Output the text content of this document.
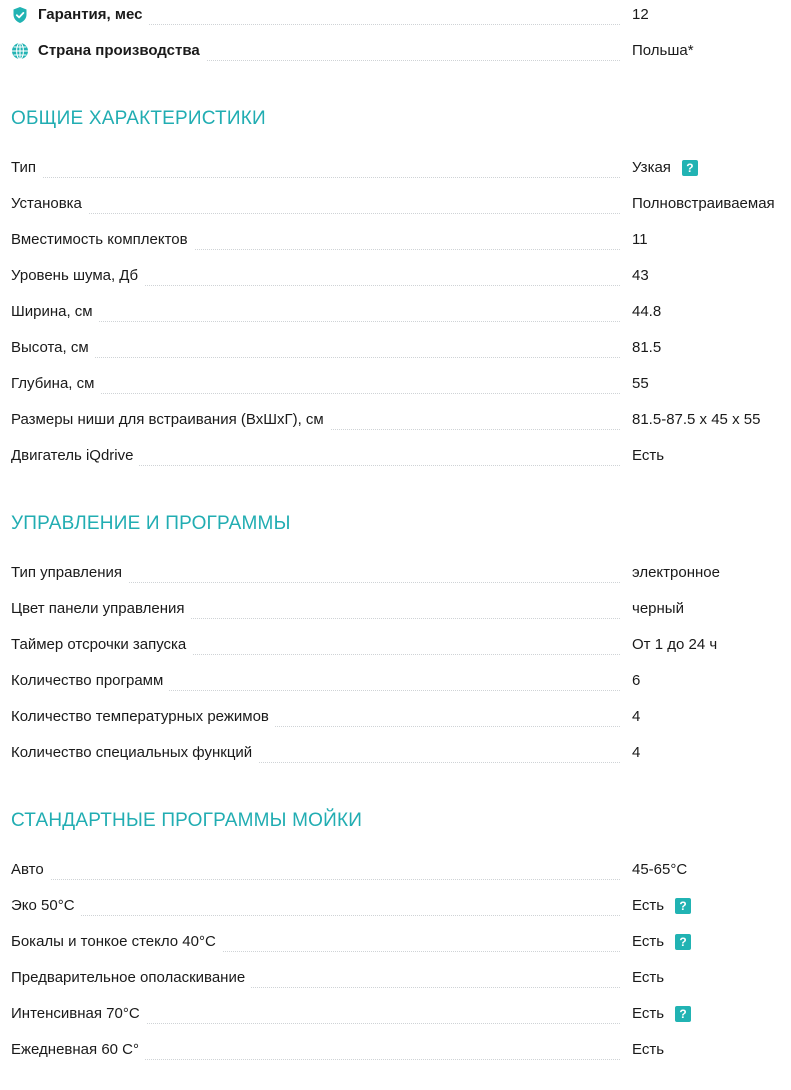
Гарантия, мес	12
Страна производства	Польша*
ОБЩИЕ ХАРАКТЕРИСТИКИ
Тип	Узкая	?
Установка	Полновстраиваемая
Вместимость комплектов	11
Уровень шума, Дб	43
Ширина, см	44.8
Высота, см	81.5
Глубина, см	55
Размеры ниши для встраивания (ВхШхГ), см	81.5-87.5 x 45 x 55
Двигатель iQdrive	Есть
УПРАВЛЕНИЕ И ПРОГРАММЫ
Тип управления	электронное
Цвет панели управления	черный
Таймер отсрочки запуска	От 1 до 24 ч
Количество программ	6
Количество температурных режимов	4
Количество специальных функций	4
СТАНДАРТНЫЕ ПРОГРАММЫ МОЙКИ
Авто	45-65°C
Эко 50°C	Есть	?
Бокалы и тонкое стекло 40°C	Есть	?
Предварительное ополаскивание	Есть
Интенсивная 70°C	Есть	?
Ежедневная 60 C°	Есть
